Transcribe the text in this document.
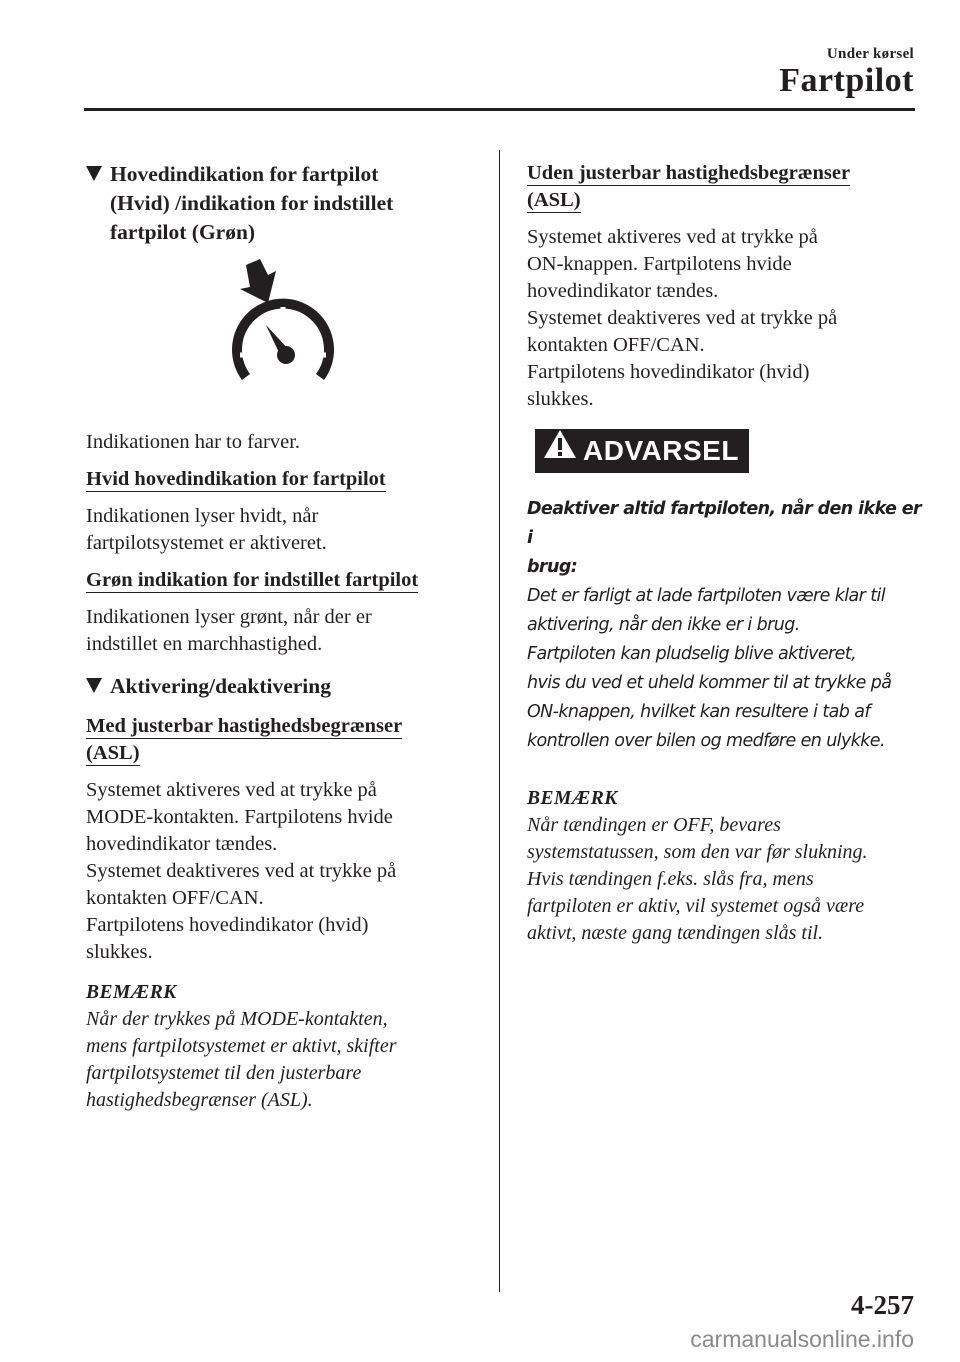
Under kørsel
Fartpilot
Hovedindikation for fartpilot
(Hvid) /indikation for indstillet
fartpilot (Grøn)

Indikationen har to farver.

Hvid hovedindikation for fartpilot

Indikationen lyser hvidt, når
fartpilotsystemet er aktiveret.

Grøn indikation for indstillet fartpilot

Indikationen lyser grønt, når der er
indstillet en marchhastighed.

Aktivering/deaktivering
Med justerbar hastighedsbegrænser
(ASL)

Systemet aktiveres ved at trykke på
MODE-kontakten. Fartpilotens hvide
hovedindikator tændes.
Systemet deaktiveres ved at trykke på
kontakten OFF/CAN.
Fartpilotens hovedindikator (hvid)
slukkes.

BEMÆRK
Når der trykkes på MODE-kontakten,
mens fartpilotsystemet er aktivt, skifter
fartpilotsystemet til den justerbare
hastighedsbegrænser (ASL).
Uden justerbar hastighedsbegrænser
(ASL)

Systemet aktiveres ved at trykke på
ON-knappen. Fartpilotens hvide
hovedindikator tændes.
Systemet deaktiveres ved at trykke på
kontakten OFF/CAN.
Fartpilotens hovedindikator (hvid)
slukkes.

ADVARSEL
Deaktiver altid fartpiloten, når den ikke er i
brug:
Det er farligt at lade fartpiloten være klar til
aktivering, når den ikke er i brug.
Fartpiloten kan pludselig blive aktiveret,
hvis du ved et uheld kommer til at trykke på
ON-knappen, hvilket kan resultere i tab af
kontrollen over bilen og medføre en ulykke.
BEMÆRK
Når tændingen er OFF, bevares
systemstatussen, som den var før slukning.
Hvis tændingen f.eks. slås fra, mens
fartpiloten er aktiv, vil systemet også være
aktivt, næste gang tændingen slås til.
4-257
carmanualsonline.info
